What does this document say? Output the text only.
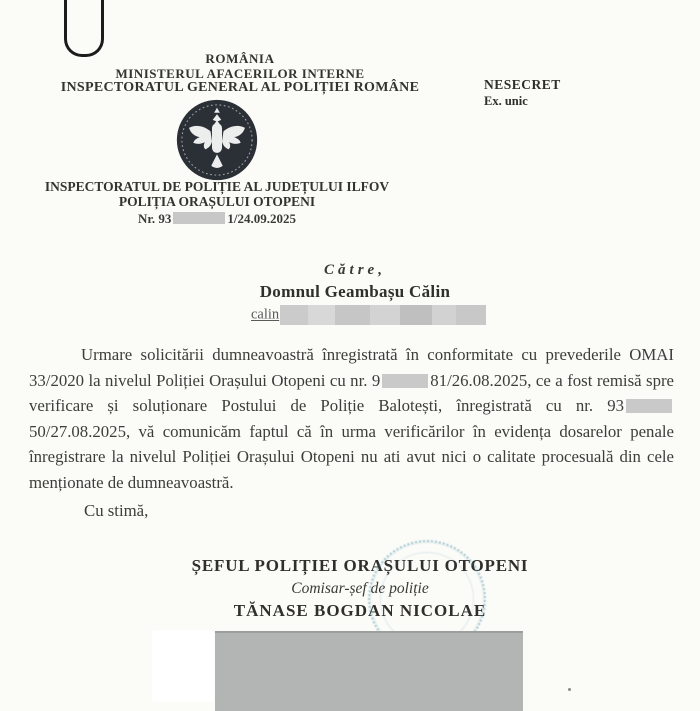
ROMÂNIA
MINISTERUL AFACERILOR INTERNE
INSPECTORATUL GENERAL AL POLIȚIEI ROMÂNE	NESECRET
Ex. unic
INSPECTORATUL DE POLIȚIE AL JUDEȚULUI ILFOV
POLIȚIA ORAȘULUI OTOPENI
Nr. 93	1/24.09.2025
Către,
Domnul Geambașu Călin
calin
Urmare solicitării dumneavoastră înregistrată în conformitate cu prevederile OMAI 33/2020 la nivelul Poliției Orașului Otopeni cu nr. 9	81/26.08.2025, ce a fost remisă spre verificare și soluționare Postului de Poliție Balotești, înregistrată cu nr. 9350/27.08.2025, vă comunicăm faptul că în urma verificărilor în evidența dosarelor penale înregistrare la nivelul Poliției Orașului Otopeni nu ati avut nici o calitate procesuală din cele menționate de dumneavoastră.
Cu stimă,
ȘEFUL POLIȚIEI ORAȘULUI OTOPENI
Comisar-șef de poliție
TĂNASE BOGDAN NICOLAE
